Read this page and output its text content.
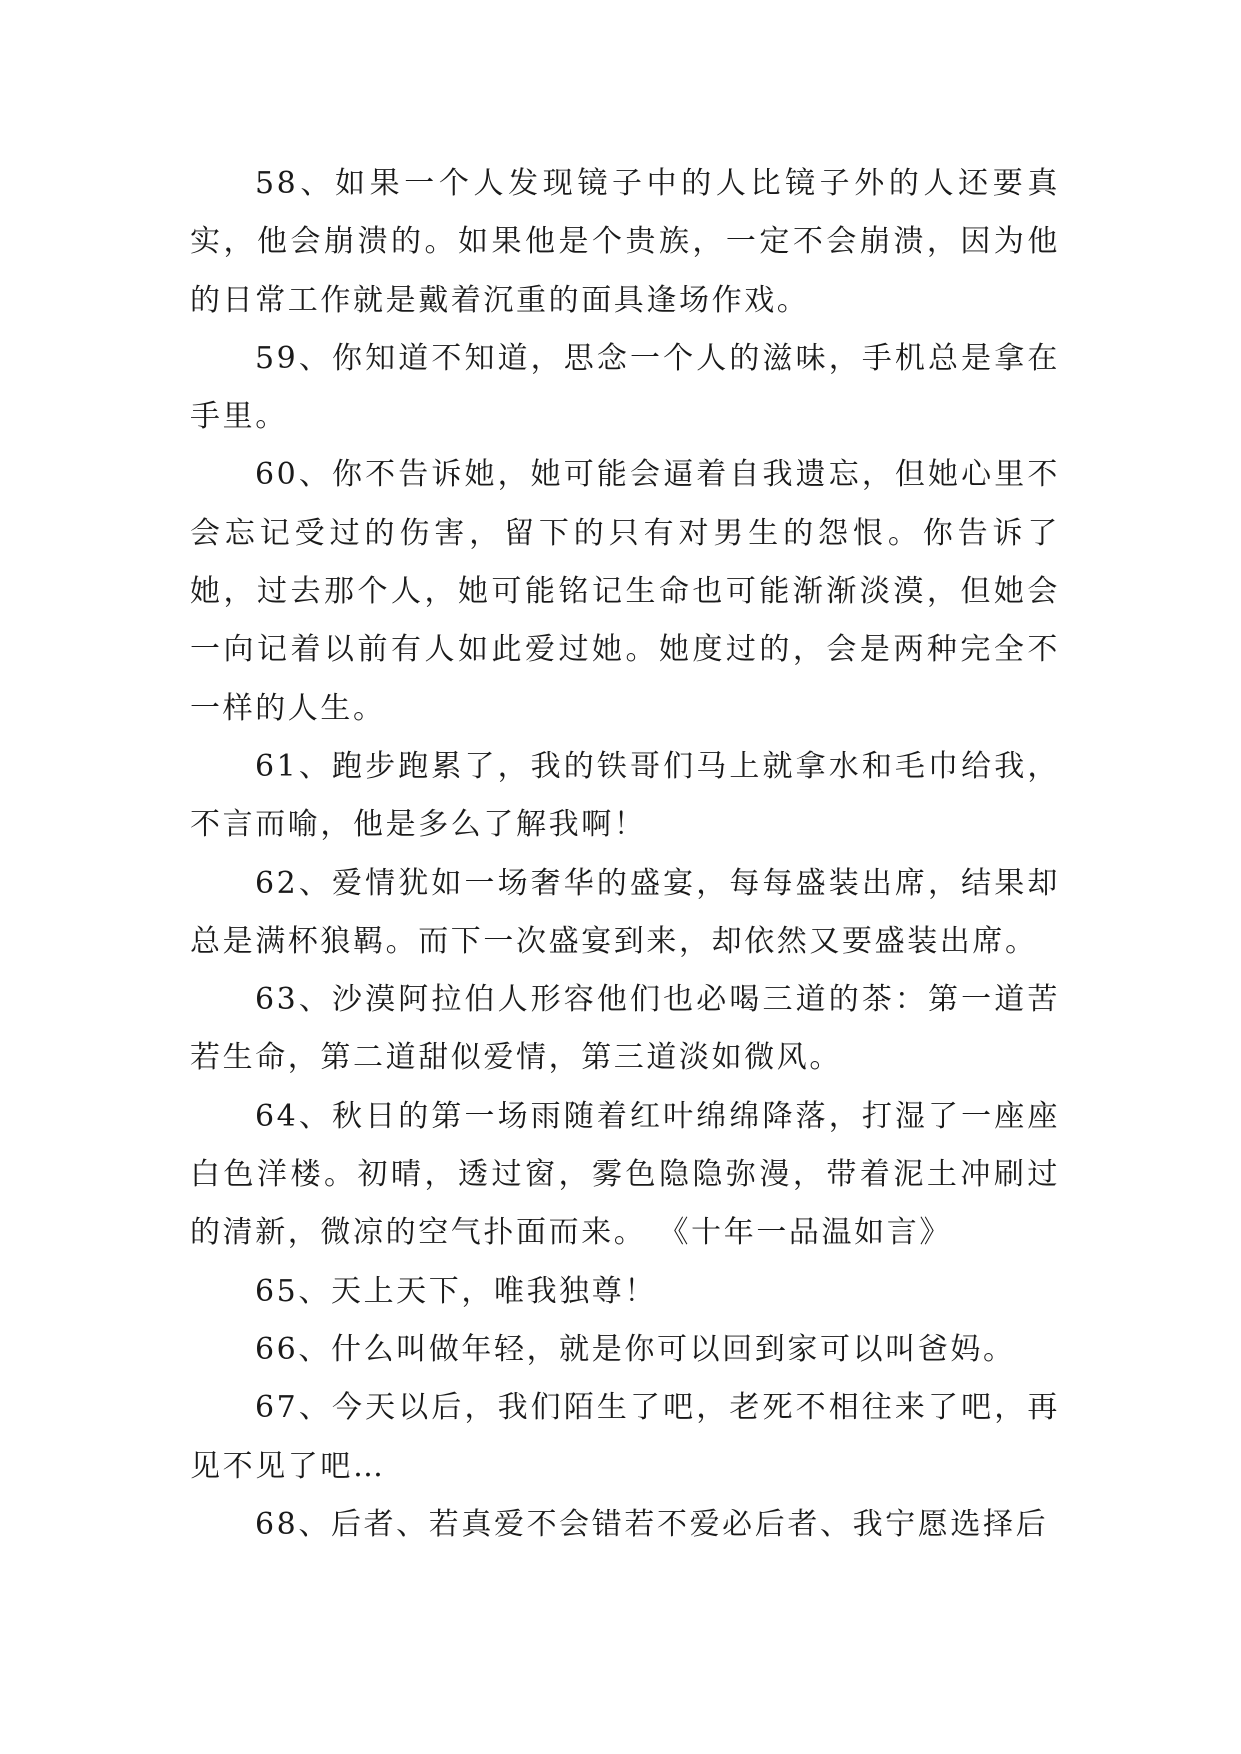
58、如果一个人发现镜子中的人比镜子外的人还要真实，他会崩溃的。如果他是个贵族，一定不会崩溃，因为他的日常工作就是戴着沉重的面具逢场作戏。

59、你知道不知道，思念一个人的滋味，手机总是拿在手里。

60、你不告诉她，她可能会逼着自我遗忘，但她心里不会忘记受过的伤害，留下的只有对男生的怨恨。你告诉了她，过去那个人，她可能铭记生命也可能渐渐淡漠，但她会一向记着以前有人如此爱过她。她度过的，会是两种完全不一样的人生。

61、跑步跑累了，我的铁哥们马上就拿水和毛巾给我，不言而喻，他是多么了解我啊！

62、爱情犹如一场奢华的盛宴，每每盛装出席，结果却总是满杯狼羁。而下一次盛宴到来，却依然又要盛装出席。

63、沙漠阿拉伯人形容他们也必喝三道的茶：第一道苦若生命，第二道甜似爱情，第三道淡如微风。

64、秋日的第一场雨随着红叶绵绵降落，打湿了一座座白色洋楼。初晴，透过窗，雾色隐隐弥漫，带着泥土冲刷过的清新，微凉的空气扑面而来。 《十年一品温如言》

65、天上天下，唯我独尊！

66、什么叫做年轻，就是你可以回到家可以叫爸妈。

67、今天以后，我们陌生了吧，老死不相往来了吧，再见不见了吧…

68、后者、若真爱不会错若不爱必后者、我宁愿选择后
